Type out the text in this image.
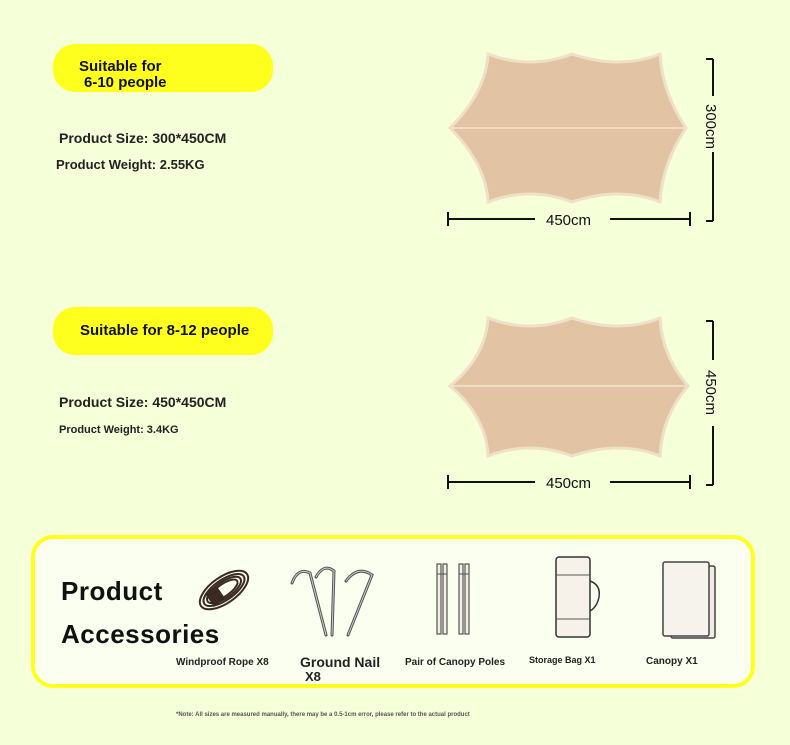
Suitable for
6-10 people
Product Size: 300*450CM
Product Weight: 2.55KG
450cm
300cm
Suitable for 8-12 people
Product Size: 450*450CM
Product Weight: 3.4KG
450cm
450cm
Product
Accessories
Windproof Rope X8 Ground Nail
X8
Pair of Canopy Poles	Storage Bag X1	Canopy X1
*Note: All sizes are measured manually, there may be a 0.5-1cm error, please refer to the actual product
